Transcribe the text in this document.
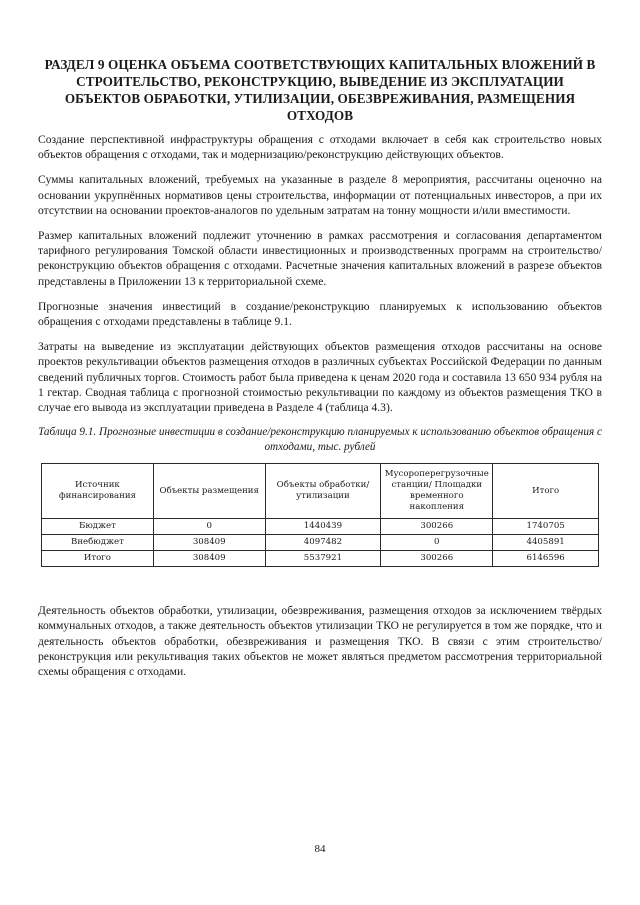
РАЗДЕЛ 9 ОЦЕНКА ОБЪЕМА СООТВЕТСТВУЮЩИХ КАПИТАЛЬНЫХ ВЛОЖЕНИЙ В СТРОИТЕЛЬСТВО, РЕКОНСТРУКЦИЮ, ВЫВЕДЕНИЕ ИЗ ЭКСПЛУАТАЦИИ ОБЪЕКТОВ ОБРАБОТКИ, УТИЛИЗАЦИИ, ОБЕЗВРЕЖИВАНИЯ, РАЗМЕЩЕНИЯ ОТХОДОВ

Создание перспективной инфраструктуры обращения с отходами включает в себя как строительство новых объектов обращения с отходами, так и модернизацию/реконструкцию действующих объектов.

Суммы капитальных вложений, требуемых на указанные в разделе 8 мероприятия, рассчитаны оценочно на основании укрупнённых нормативов цены строительства, информации от потенциальных инвесторов, а при их отсутствии на основании проектов-аналогов по удельным затратам на тонну мощности и/или вместимости.

Размер капитальных вложений подлежит уточнению в рамках рассмотрения и согласования департаментом тарифного регулирования Томской области инвестиционных и производственных программ на строительство/реконструкцию объектов обращения с отходами. Расчетные значения капитальных вложений в разрезе объектов представлены в Приложении 13 к территориальной схеме.

Прогнозные значения инвестиций в создание/реконструкцию планируемых к использованию объектов обращения с отходами представлены в таблице 9.1.

Затраты на выведение из эксплуатации действующих объектов размещения отходов рассчитаны на основе проектов рекультивации объектов размещения отходов в различных субъектах Российской Федерации по данным сведений публичных торгов. Стоимость работ была приведена к ценам 2020 года и составила 13 650 934 рубля на 1 гектар. Сводная таблица с прогнозной стоимостью рекультивации по каждому из объектов размещения ТКО в случае его вывода из эксплуатации приведена в Разделе 4 (таблица 4.3).

Таблица 9.1. Прогнозные инвестиции в создание/реконструкцию планируемых к использованию объектов обращения с отходами, тыс. рублей
Источник финансирования	Объекты размещения	Объекты обработки/ утилизации	Мусороперегрузочные станции/ Площадки временного накопления	Итого
Бюджет	0	1440439	300266	1740705
Внебюджет	308409	4097482	0	4405891
Итого	308409	5537921	300266	6146596

Деятельность объектов обработки, утилизации, обезвреживания, размещения отходов за исключением твёрдых коммунальных отходов, а также деятельность объектов утилизации ТКО не регулируется в том же порядке, что и деятельность объектов обработки, обезвреживания и размещения ТКО. В связи с этим строительство/реконструкция или рекультивация таких объектов не может являться предметом рассмотрения территориальной схемы обращения с отходами.

84
